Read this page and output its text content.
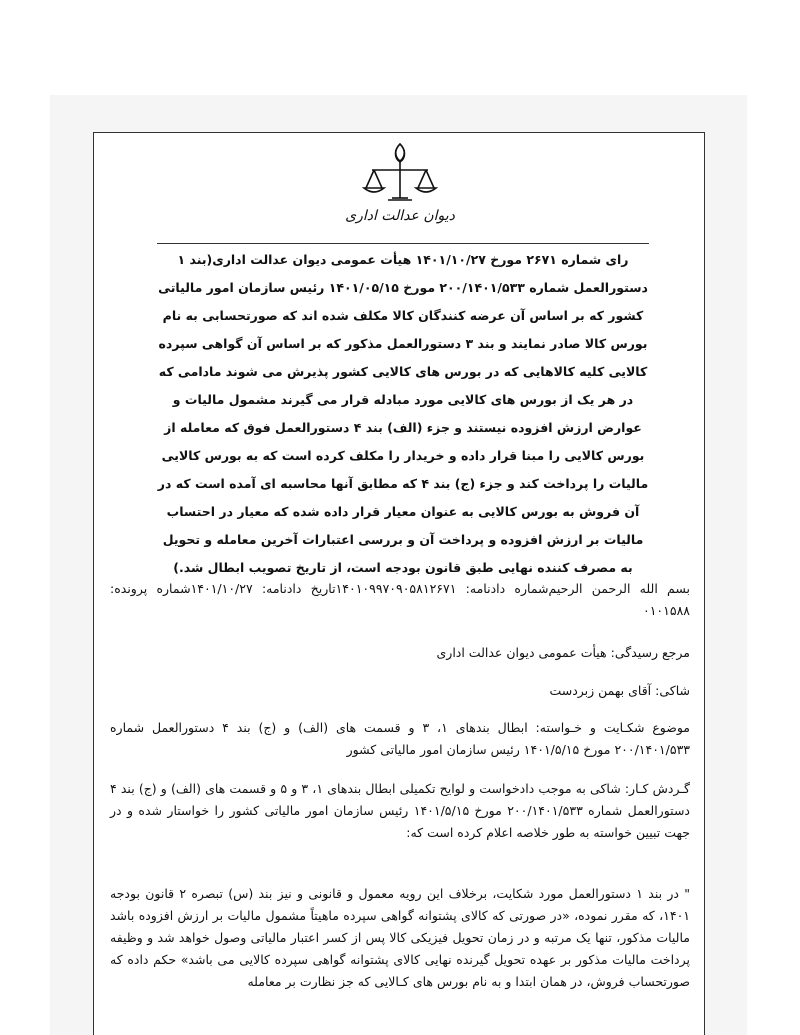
دیوان عدالت اداری

رای شماره ۲۶۷۱ مورخ ۱۴۰۱/۱۰/۲۷ هیأت عمومی دیوان عدالت اداری(بند ۱ دستورالعمل شماره ۲۰۰/۱۴۰۱/۵۳۳ مورخ ۱۴۰۱/۰۵/۱۵ رئیس سازمان امور مالیاتی کشور که بر اساس آن عرضه کنندگان کالا مکلف شده اند که صورتحسابی به نام بورس کالا صادر نمایند و بند ۳ دستورالعمل مذکور که بر اساس آن گواهی سپرده کالایی کلیه کالاهایی که در بورس های کالایی کشور پذیرش می شوند مادامی که در هر یک از بورس های کالایی مورد مبادله قرار می گیرند مشمول مالیات و عوارض ارزش افزوده نیستند و جزء (الف) بند ۴ دستورالعمل فوق که معامله از بورس کالایی را مبنا قرار داده و خریدار را مکلف کرده است که به بورس کالایی مالیات را پرداخت کند و جزء (ج) بند ۴ که مطابق آنها محاسبه ای آمده است که در آن فروش به بورس کالایی به عنوان معیار قرار داده شده که معیار در احتساب مالیات بر ارزش افزوده و پرداخت آن و بررسی اعتبارات آخرین معامله و تحویل به مصرف کننده نهایی طبق قانون بودجه است، از تاریخ تصویب ابطال شد.)

بسم الله الرحمن الرحیم‌شماره دادنامه: ۱۴۰۱۰۹۹۷۰۹۰۵۸۱۲۶۷۱تاریخ دادنامه: ۱۴۰۱/۱۰/۲۷شماره پرونده: ۰۱۰۱۵۸۸

مرجع رسیدگی: هیأت عمومی دیوان عدالت اداری

شاکی: آقای بهمن زبردست

موضوع شکـایت و خـواسته: ابطال بندهای ۱، ۳ و قسمت های (الف) و (ج) بند ۴ دستورالعمل شماره ۲۰۰/۱۴۰۱/۵۳۳ مورخ ۱۴۰۱/۵/۱۵ رئیس سازمان امور مالیاتی کشور

گـردش کـار: شاکی به موجب دادخواست و لوایح تکمیلی ابطال بندهای ۱، ۳ و ۵ و قسمت های (الف) و (ج) بند ۴ دستورالعمل شماره ۲۰۰/۱۴۰۱/۵۳۳ مورخ ۱۴۰۱/۵/۱۵ رئیس سازمان امور مالیاتی کشور را خواستار شده و در جهت تبیین خواسته به طور خلاصه اعلام کرده است که:

" در بند ۱ دستورالعمل مورد شکایت، برخلاف این رویه معمول و قانونی و نیز بند (س) تبصره ۲ قانون بودجه ۱۴۰۱، که مقرر نموده، «در صورتی که کالای پشتوانه گواهی سپرده ماهیتاً مشمول مالیات بر ارزش افزوده باشد مالیات مذکور، تنها یک مرتبه و در زمان تحویل فیزیکی کالا پس از کسر اعتبار مالیاتی وصول خواهد شد و وظیفه پرداخت مالیات مذکور بر عهده تحویل گیرنده نهایی کالای پشتوانه گواهی سپرده کالایی می باشد» حکم داده که صورتحساب فروش، در همان ابتدا و به نام بورس های کـالایی که جز نظارت بر معامله
